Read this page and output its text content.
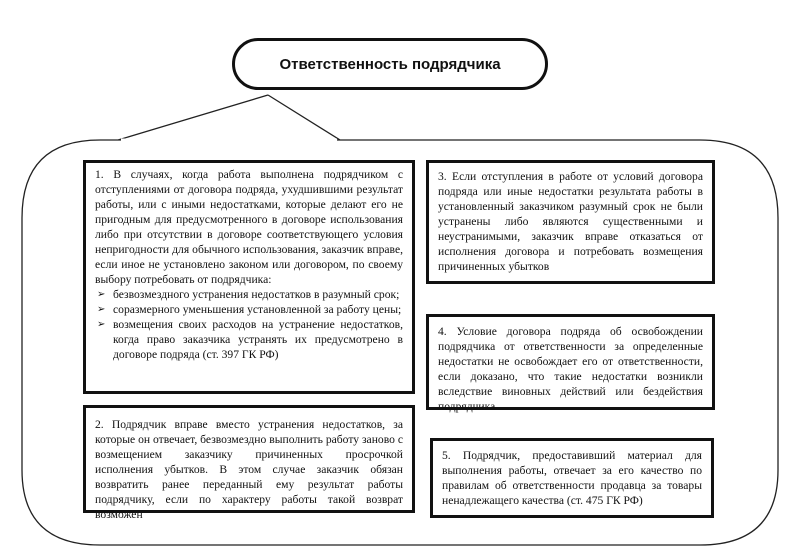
Ответственность подрядчика

1. В случаях, когда работа выполнена подрядчиком с отступлениями от договора подряда, ухудшившими результат работы, или с иными недостатками, которые делают его не пригодным для предусмотренного в договоре использования либо при отсутствии в договоре соответствующего условия непригодности для обычного использования, заказчик вправе, если иное не установлено законом или договором, по своему выбору потребовать от подрядчика:

➢ безвозмездного устранения недостатков в разумный срок;
➢ соразмерного уменьшения установленной за работу цены;
➢ возмещения своих расходов на устранение недостатков, когда право заказчика устранять их предусмотрено в договоре подряда (ст. 397 ГК РФ)

2. Подрядчик вправе вместо устранения недостатков, за которые он отвечает, безвозмездно выполнить работу заново с возмещением заказчику причиненных просрочкой исполнения убытков. В этом случае заказчик обязан возвратить ранее переданный ему результат работы подрядчику, если по характеру работы такой возврат возможен

3. Если отступления в работе от условий договора подряда или иные недостатки результата работы в установленный заказчиком разумный срок не были устранены либо являются существенными и неустранимыми, заказчик вправе отказаться от исполнения договора и потребовать возмещения причиненных убытков

4. Условие договора подряда об освобождении подрядчика от ответственности за определенные недостатки не освобождает его от ответственности, если доказано, что такие недостатки возникли вследствие виновных действий или бездействия подрядчика

5. Подрядчик, предоставивший материал для выполнения работы, отвечает за его качество по правилам об ответственности продавца за товары ненадлежащего качества (ст. 475 ГК РФ)
